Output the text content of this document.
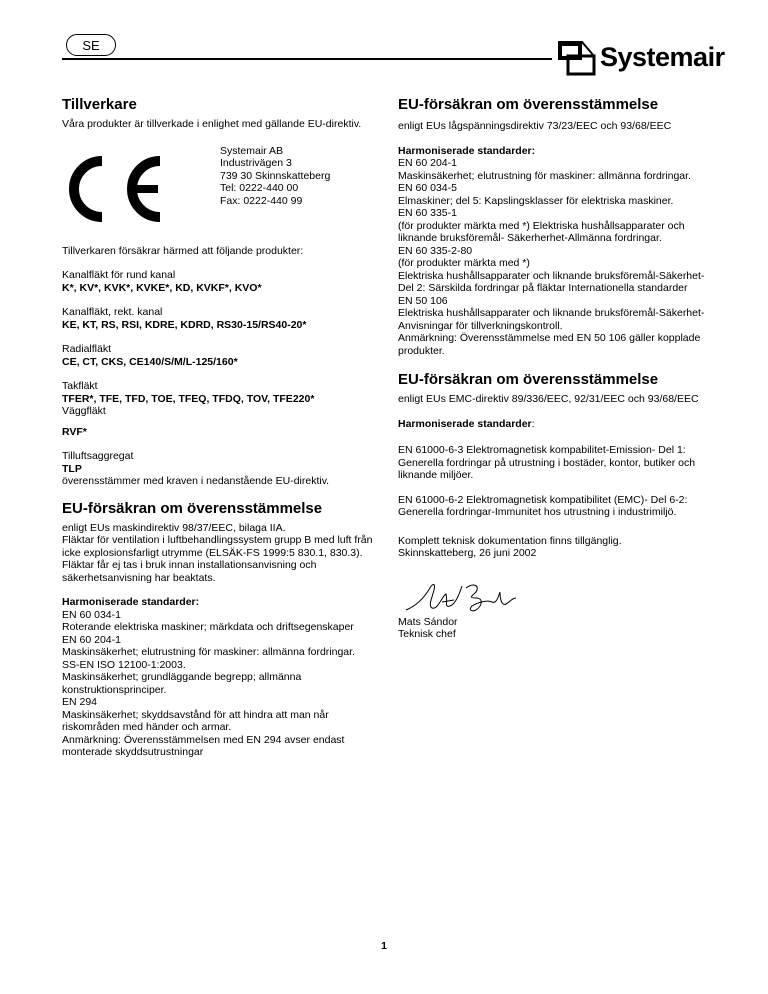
SE	Systemair
Tillverkare

Våra produkter är tillverkade i enlighet med gällande EU-direktiv.

Systemair AB
Industrivägen 3
739 30 Skinnskatteberg
Tel: 0222-440 00
Fax: 0222-440 99

Tillverkaren försäkrar härmed att följande produkter:

Kanalfläkt för rund kanal
K*, KV*, KVK*, KVKE*, KD, KVKF*, KVO*
Kanalfläkt, rekt. kanal
KE, KT, RS, RSI, KDRE, KDRD, RS30-15/RS40-20*
Radialfläkt
CE, CT, CKS, CE140/S/M/L-125/160*
Takfläkt
TFER*, TFE, TFD, TOE, TFEQ, TFDQ, TOV, TFE220*
Väggfläkt
RVF*
Tilluftsaggregat
TLP
överensstämmer med kraven i nedanstående EU-direktiv.
EU-försäkran om överensstämmelse

enligt EUs maskindirektiv 98/37/EEC, bilaga IIA.
Fläktar för ventilation i luftbehandlingssystem grupp B med luft från icke explosionsfarligt utrymme (ELSÄK-FS 1999:5 830.1, 830.3).
Fläktar får ej tas i bruk innan installationsanvisning och säkerhetsanvisning har beaktats.

Harmoniserade standarder:

EN 60 034-1
Roterande elektriska maskiner; märkdata och driftsegenskaper
EN 60 204-1
Maskinsäkerhet; elutrustning för maskiner: allmänna fordringar.
SS-EN ISO 12100-1:2003.
Maskinsäkerhet; grundläggande begrepp; allmänna konstruktionsprinciper.
EN 294
Maskinsäkerhet; skyddsavstånd för att hindra att man når riskområden med händer och armar.
Anmärkning: Överensstämmelsen med EN 294 avser endast monterade skyddsutrustningar

EU-försäkran om överensstämmelse

enligt EUs lågspänningsdirektiv 73/23/EEC och 93/68/EEC

Harmoniserade standarder:

EN 60 204-1
Maskinsäkerhet; elutrustning för maskiner: allmänna fordringar.
EN 60 034-5
Elmaskiner; del 5: Kapslingsklasser för elektriska maskiner.
EN 60 335-1
(för produkter märkta med *) Elektriska hushållsapparater och liknande bruksföremål- Säkerherhet-Allmänna fordringar.
EN 60 335-2-80
(för produkter märkta med *)
Elektriska hushållsapparater och liknande bruksföremål-Säkerhet-Del 2: Särskilda fordringar på fläktar Internationella standarder
EN 50 106
Elektriska hushållsapparater och liknande bruksföremål-Säkerhet-Anvisningar för tillverkningskontroll.
Anmärkning: Överensstämmelse med EN 50 106 gäller kopplade produkter.

EU-försäkran om överensstämmelse

enligt EUs EMC-direktiv 89/336/EEC, 92/31/EEC och 93/68/EEC

Harmoniserade standarder:

EN 61000-6-3 Elektromagnetisk kompabilitet-Emission- Del 1: Generella fordringar på utrustning i bostäder, kontor, butiker och liknande miljöer.

EN 61000-6-2 Elektromagnetisk kompatibilitet (EMC)- Del 6-2: Generella fordringar-Immunitet hos utrustning i industrimiljö.

Komplett teknisk dokumentation finns tillgänglig.
Skinnskatteberg, 26 juni 2002

Mats Sándor
Teknisk chef
1
